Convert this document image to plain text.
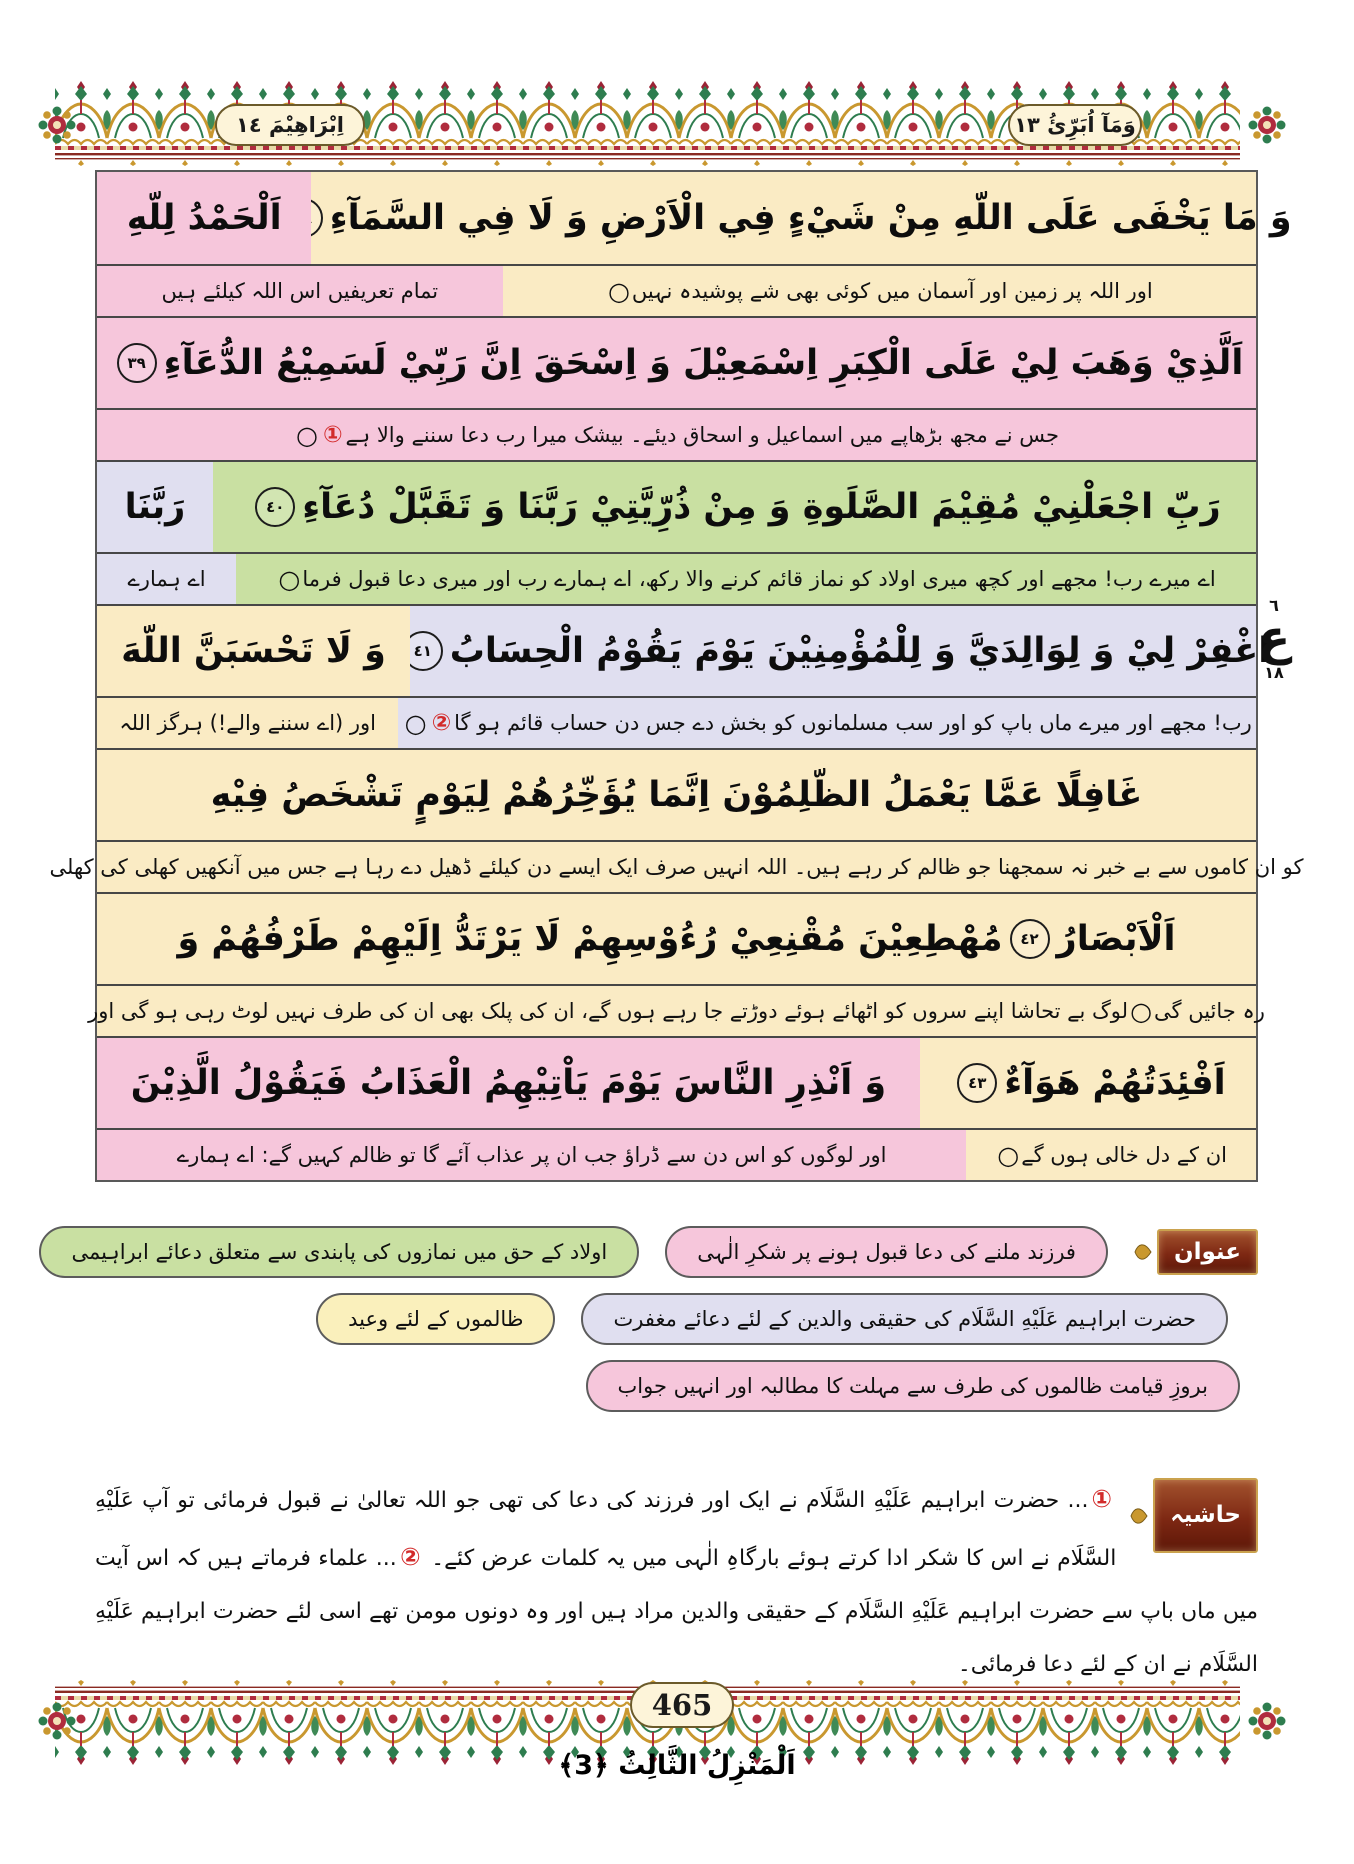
اِبْرَاهِيْمَ ١٤	وَمَآ اُبَرِّئُ ١٣
وَ مَا يَخْفَى عَلَى اللّهِ مِنْ شَيْءٍ فِي الْاَرْضِ وَ لَا فِي السَّمَآءِ
اَلْحَمْدُ لِلّهِ
اور اللہ پر زمین اور آسمان میں کوئی بھی شے پوشیدہ نہیں
○
تمام تعریفیں اس اللہ کیلئے ہیں
اَلَّذِيْ وَهَبَ لِيْ عَلَى الْكِبَرِ اِسْمَعِيْلَ وَ اِسْحَقَ اِنَّ رَبِّيْ لَسَمِيْعُ الدُّعَآءِ
٣٩
جس نے مجھ بڑھاپے میں اسماعیل و اسحاق دیئے۔ بیشک میرا رب دعا سننے والا ہے
①
○
رَبِّ اجْعَلْنِيْ مُقِيْمَ الصَّلَوةِ وَ مِنْ ذُرِّيَّتِيْ رَبَّنَا وَ تَقَبَّلْ دُعَآءِ
٤٠
رَبَّنَا
اے میرے رب! مجھے اور کچھ میری اولاد کو نماز قائم کرنے والا رکھ، اے ہمارے رب اور میری دعا قبول فرما
○
اے ہمارے
اغْفِرْ لِيْ وَ لِوَالِدَيَّ وَ لِلْمُؤْمِنِيْنَ يَوْمَ يَقُوْمُ الْحِسَابُ
٤١
وَ لَا تَحْسَبَنَّ اللّهَ
رب! مجھے اور میرے ماں باپ کو اور سب مسلمانوں کو بخش دے جس دن حساب قائم ہو گا
②
○
اور (اے سننے والے!) ہرگز اللہ
غَافِلًا عَمَّا يَعْمَلُ الظّلِمُوْنَ اِنَّمَا يُؤَخِّرُهُمْ لِيَوْمٍ تَشْخَصُ فِيْهِ
کو ان کاموں سے بے خبر نہ سمجھنا جو ظالم کر رہے ہیں۔ اللہ انہیں صرف ایک ایسے دن کیلئے ڈھیل دے رہا ہے جس میں آنکھیں کھلی کی کھلی
اَلْاَبْصَارُ
٤٢
مُهْطِعِيْنَ مُقْنِعِيْ رُءُوْسِهِمْ لَا يَرْتَدُّ اِلَيْهِمْ طَرْفُهُمْ وَ
رہ جائیں گی
○
لوگ بے تحاشا اپنے سروں کو اٹھائے ہوئے دوڑتے جا رہے ہوں گے، ان کی پلک بھی ان کی طرف نہیں لوٹ رہی ہو گی اور
اَفْئِدَتُهُمْ هَوَآءٌ
٤٣
وَ اَنْذِرِ النَّاسَ يَوْمَ يَاْتِيْهِمُ الْعَذَابُ فَيَقُوْلُ الَّذِيْنَ
ان کے دل خالی ہوں گے
○
اور لوگوں کو اس دن سے ڈراؤ جب ان پر عذاب آئے گا تو ظالم کہیں گے: اے ہمارے
٦
ع
١٨
عنوان
فرزند ملنے کی دعا قبول ہونے پر شکرِ الٰہی
اولاد کے حق میں نمازوں کی پابندی سے متعلق دعائے ابراہیمی
حضرت ابراہیم عَلَيْهِ السَّلَام کی حقیقی والدین کے لئے دعائے مغفرت
ظالموں کے لئے وعید
بروزِ قیامت ظالموں کی طرف سے مہلت کا مطالبہ اور انہیں جواب
حاشیہ
①... حضرت ابراہیم عَلَيْهِ السَّلَام نے ایک اور فرزند کی دعا کی تھی جو اللہ تعالیٰ نے قبول فرمائی تو آپ عَلَيْهِ السَّلَام نے اس کا شکر ادا کرتے ہوئے بارگاہِ الٰہی میں یہ کلمات عرض کئے۔ ②... علماء فرماتے ہیں کہ اس آیت میں ماں باپ سے حضرت ابراہیم عَلَيْهِ السَّلَام کے حقیقی والدین مراد ہیں اور وہ دونوں مومن تھے اسی لئے حضرت ابراہیم عَلَيْهِ السَّلَام نے ان کے لئے دعا فرمائی۔
465
اَلْمَنْزِلُ الثَّالِثُ ﴿3﴾
